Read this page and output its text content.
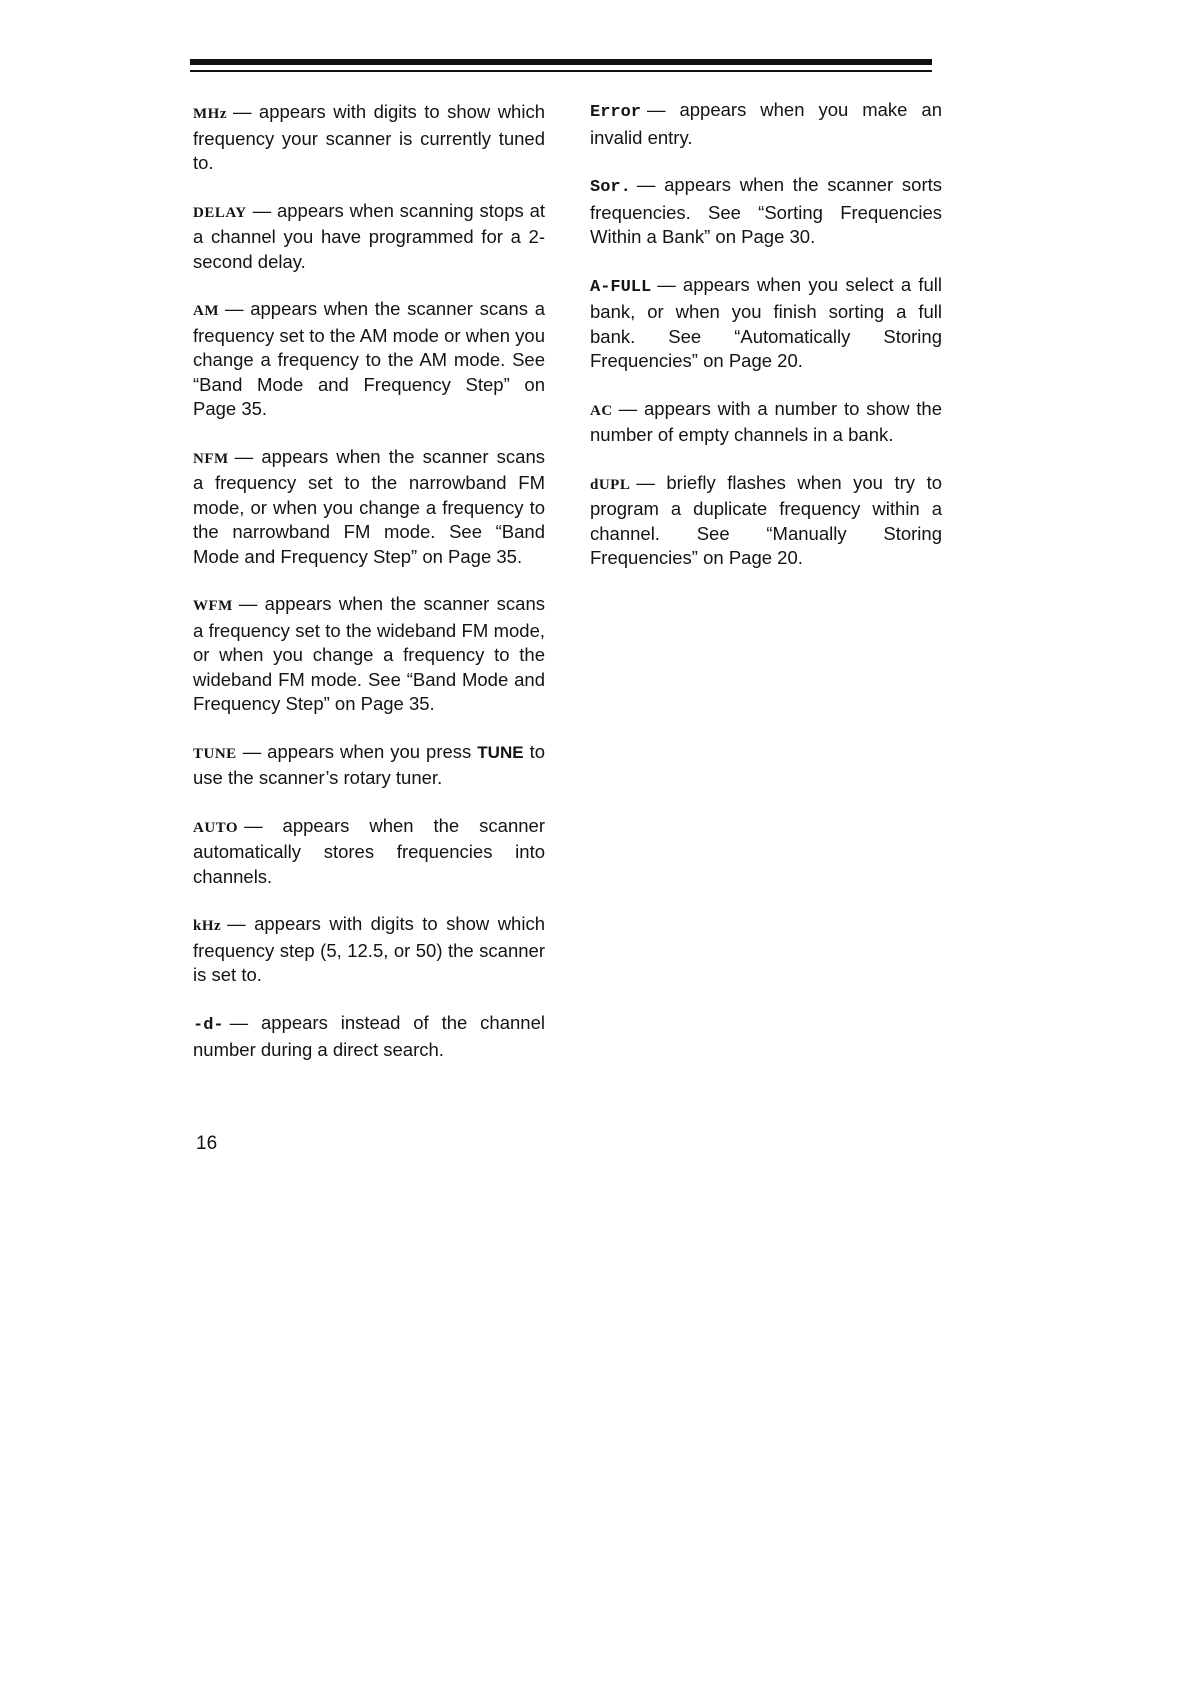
MHz — appears with digits to show which frequency your scanner is currently tuned to.

DELAY — appears when scanning stops at a channel you have programmed for a 2-second delay.

AM — appears when the scanner scans a frequency set to the AM mode or when you change a frequency to the AM mode. See “Band Mode and Frequency Step” on Page 35.

NFM — appears when the scanner scans a frequency set to the narrowband FM mode, or when you change a frequency to the narrowband FM mode. See “Band Mode and Frequency Step” on Page 35.

WFM — appears when the scanner scans a frequency set to the wideband FM mode, or when you change a frequency to the wideband FM mode. See “Band Mode and Frequency Step” on Page 35.

TUNE — appears when you press TUNE to use the scanner’s rotary tuner.

AUTO — appears when the scanner automatically stores frequencies into channels.

kHz — appears with digits to show which frequency step (5, 12.5, or 50) the scanner is set to.

-d- — appears instead of the channel number during a direct search.

Error — appears when you make an invalid entry.

Sor. — appears when the scanner sorts frequencies. See “Sorting Frequencies Within a Bank” on Page 30.

A-FULL — appears when you select a full bank, or when you finish sorting a full bank. See “Automatically Storing Frequencies” on Page 20.

AC — appears with a number to show the number of empty channels in a bank.

dUPL — briefly flashes when you try to program a duplicate frequency within a channel. See “Manually Storing Frequencies” on Page 20.

16
